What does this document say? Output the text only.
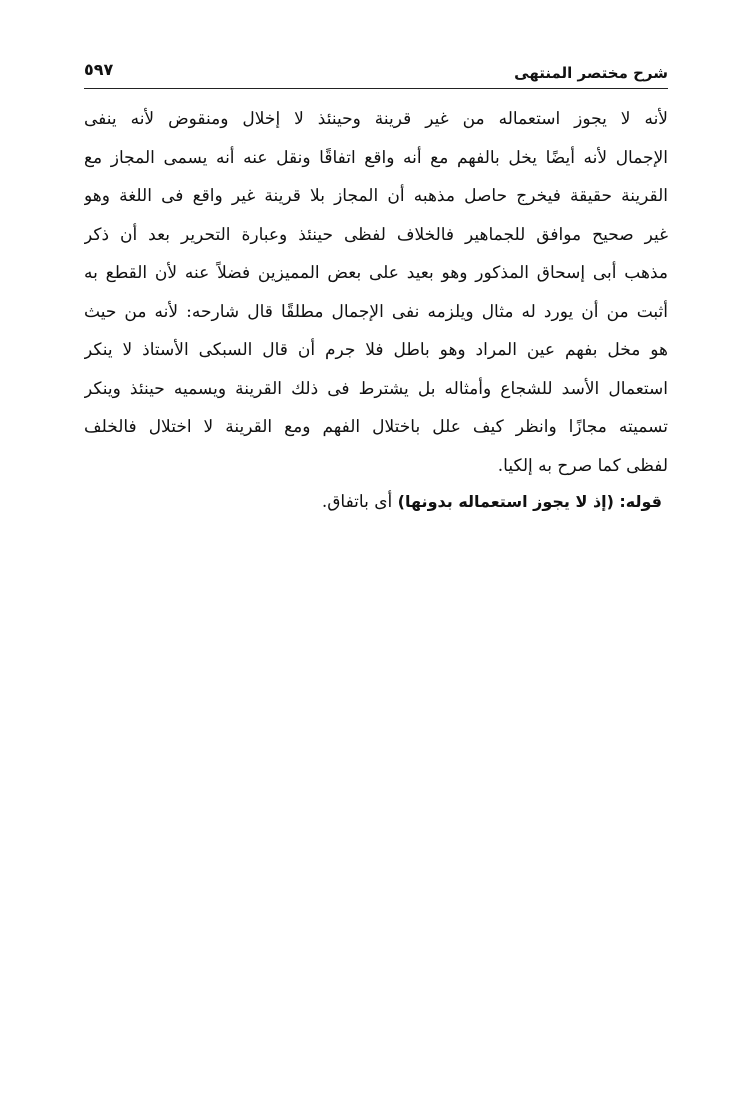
شرح مختصر المنتهى
٥٩٧
لأنه لا يجوز استعماله من غير قرينة وحينئذ لا إخلال ومنقوض لأنه ينفى
الإجمال لأنه أيضًا يخل بالفهم مع أنه واقع اتفاقًا ونقل عنه أنه يسمى المجاز مع
القرينة حقيقة فيخرج حاصل مذهبه أن المجاز بلا قرينة غير واقع فى اللغة وهو
غير صحيح موافق للجماهير فالخلاف لفظى حينئذ وعبارة التحرير بعد أن ذكر
مذهب أبى إسحاق المذكور وهو بعيد على بعض المميزين فضلاً عنه لأن القطع به
أثبت من أن يورد له مثال ويلزمه نفى الإجمال مطلقًا قال شارحه: لأنه من حيث
هو مخل بفهم عين المراد وهو باطل فلا جرم أن قال السبكى الأستاذ لا ينكر
استعمال الأسد للشجاع وأمثاله بل يشترط فى ذلك القرينة ويسميه حينئذ وينكر
تسميته مجازًا وانظر كيف علل باختلال الفهم ومع القرينة لا اختلال فالخلف
لفظى كما صرح به إلكيا.
قوله: (إذ لا يجوز استعماله بدونها) أى باتفاق.
